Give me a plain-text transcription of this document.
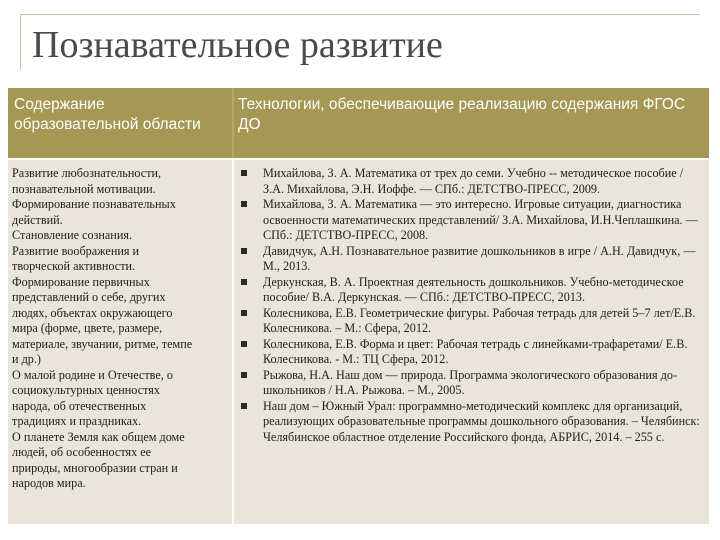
Познавательное развитие
Содержание образовательной области
Технологии, обеспечивающие реализацию содержания ФГОС ДО

Развитие любознательности,

познавательной мотивации.

Формирование познавательных

действий.

Становление сознания.

Развитие воображения и

творческой активности.

Формирование первичных

представлений о себе, других

людях, объектах окружающего

мира (форме, цвете, размере,

материале, звучании, ритме, темпе

и др.)

О малой родине и Отечестве, о

социокультурных ценностях

народа, об отечественных

традициях и праздниках.

О планете Земля как общем доме

людей, об особенностях ее

природы, многообразии стран и

народов мира.

Михайлова, З. А. Математика от трех до семи. Учебно -- методическое пособие / З.А. Михайлова, Э.Н. Иоффе. — СПб.: ДЕТСТВО-ПРЕСС, 2009.
Михайлова, З. А. Математика — это интересно. Игровые ситуации, диагностика освоенности математических представлений/ З.А. Михайлова, И.Н.Чеплашкина. — СПб.: ДЕТСТВО-ПРЕСС, 2008.
Давидчук, А.Н. Познавательное развитие дошкольников в игре / А.Н. Давидчук, — М., 2013.
Деркунская, В. А. Проектная деятельность дошкольников. Учебно-методическое пособие/ В.А. Деркунская. — СПб.: ДЕТСТВО-ПРЕСС, 2013.
Колесникова, Е.В. Геометрические фигуры. Рабочая тетрадь для детей 5–7 лет/Е.В. Колесникова. – М.: Сфера, 2012.
Колесникова, Е.В. Форма и цвет: Рабочая тетрадь с линейками-трафаретами/ Е.В. Колесникова. - М.: ТЦ Сфера, 2012.
Рыжова, Н.А. Наш дом — природа. Программа экологического образования до-школьников / Н.А. Рыжова. – М., 2005.
Наш дом – Южный Урал: программно-методический комплекс для организаций, реализующих образовательные программы дошкольного образования. – Челябинск: Челябинское областное отделение Российского фонда, АБРИС, 2014. – 255 с.
